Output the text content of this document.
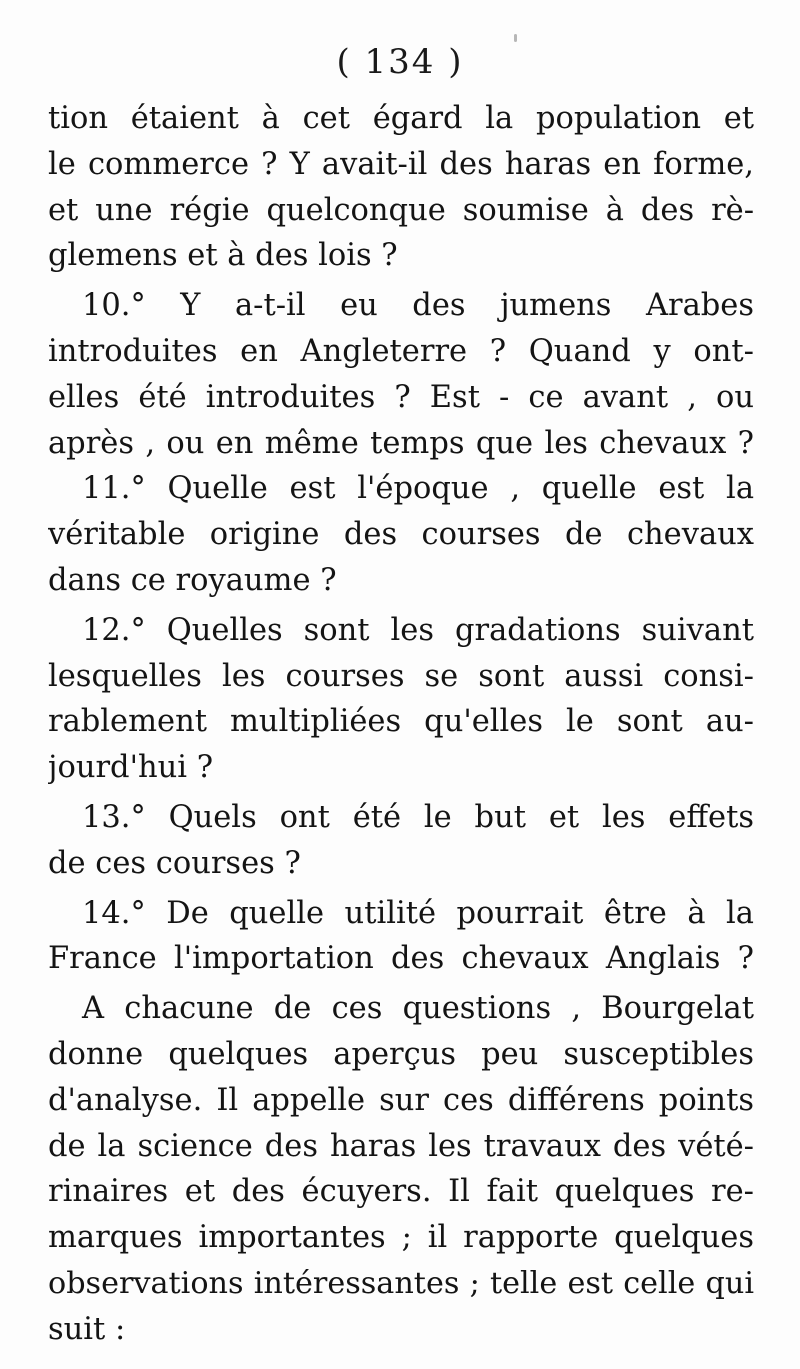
( 134 )
tion étaient à cet égard la population et
le commerce ? Y avait-il des haras en forme,
et une régie quelconque soumise à des rè-
glemens et à des lois ?
10.° Y a-t-il eu des jumens Arabes
introduites en Angleterre ? Quand y ont-
elles été introduites ? Est - ce avant , ou
après , ou en même temps que les chevaux ?
11.° Quelle est l'époque , quelle est la
véritable origine des courses de chevaux
dans ce royaume ?
12.° Quelles sont les gradations suivant
lesquelles les courses se sont aussi consi-
rablement multipliées qu'elles le sont au-
jourd'hui ?
13.° Quels ont été le but et les effets
de ces courses ?
14.° De quelle utilité pourrait être à la
France l'importation des chevaux Anglais ?
A chacune de ces questions , Bourgelat
donne quelques aperçus peu susceptibles
d'analyse. Il appelle sur ces différens points
de la science des haras les travaux des vété-
rinaires et des écuyers. Il fait quelques re-
marques importantes ; il rapporte quelques
observations intéressantes ; telle est celle qui
suit :
